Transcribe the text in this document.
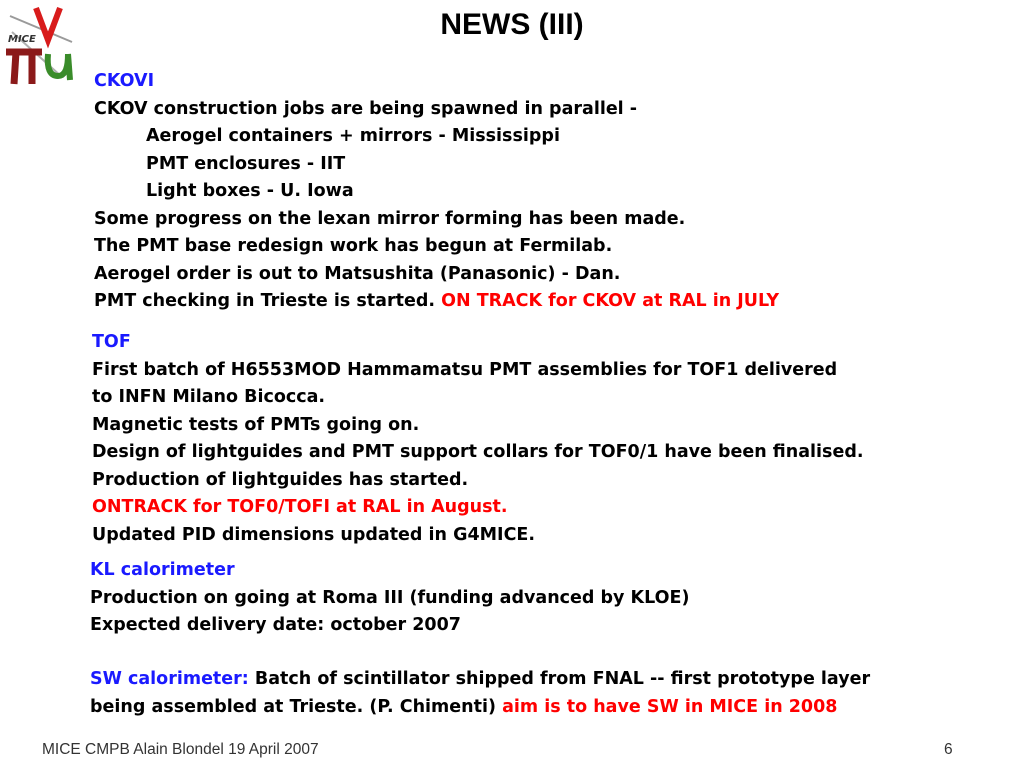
MICE	NEWS (III)
CKOVI
CKOV construction jobs are being spawned in parallel -
Aerogel containers + mirrors - Mississippi
PMT enclosures - IIT
Light boxes - U. Iowa
Some progress on the lexan mirror forming has been made.
The PMT base redesign work has begun at Fermilab.
Aerogel order is out to Matsushita (Panasonic) - Dan.
PMT checking in Trieste is started. ON TRACK for CKOV at RAL in JULY
TOF
First batch of H6553MOD Hammamatsu PMT assemblies for TOF1 delivered
to INFN Milano Bicocca.
Magnetic tests of PMTs going on.
Design of lightguides and PMT support collars for TOF0/1 have been finalised.
Production of lightguides has started.
ONTRACK for TOF0/TOFI at RAL in August.
Updated PID dimensions updated in G4MICE.
KL calorimeter
Production on going at Roma III (funding advanced by KLOE)
Expected delivery date: october 2007
SW calorimeter: Batch of scintillator shipped from FNAL -- first prototype layer
being assembled at Trieste. (P. Chimenti) aim is to have SW in MICE in 2008
MICE CMPB Alain Blondel 19 April 2007	6
